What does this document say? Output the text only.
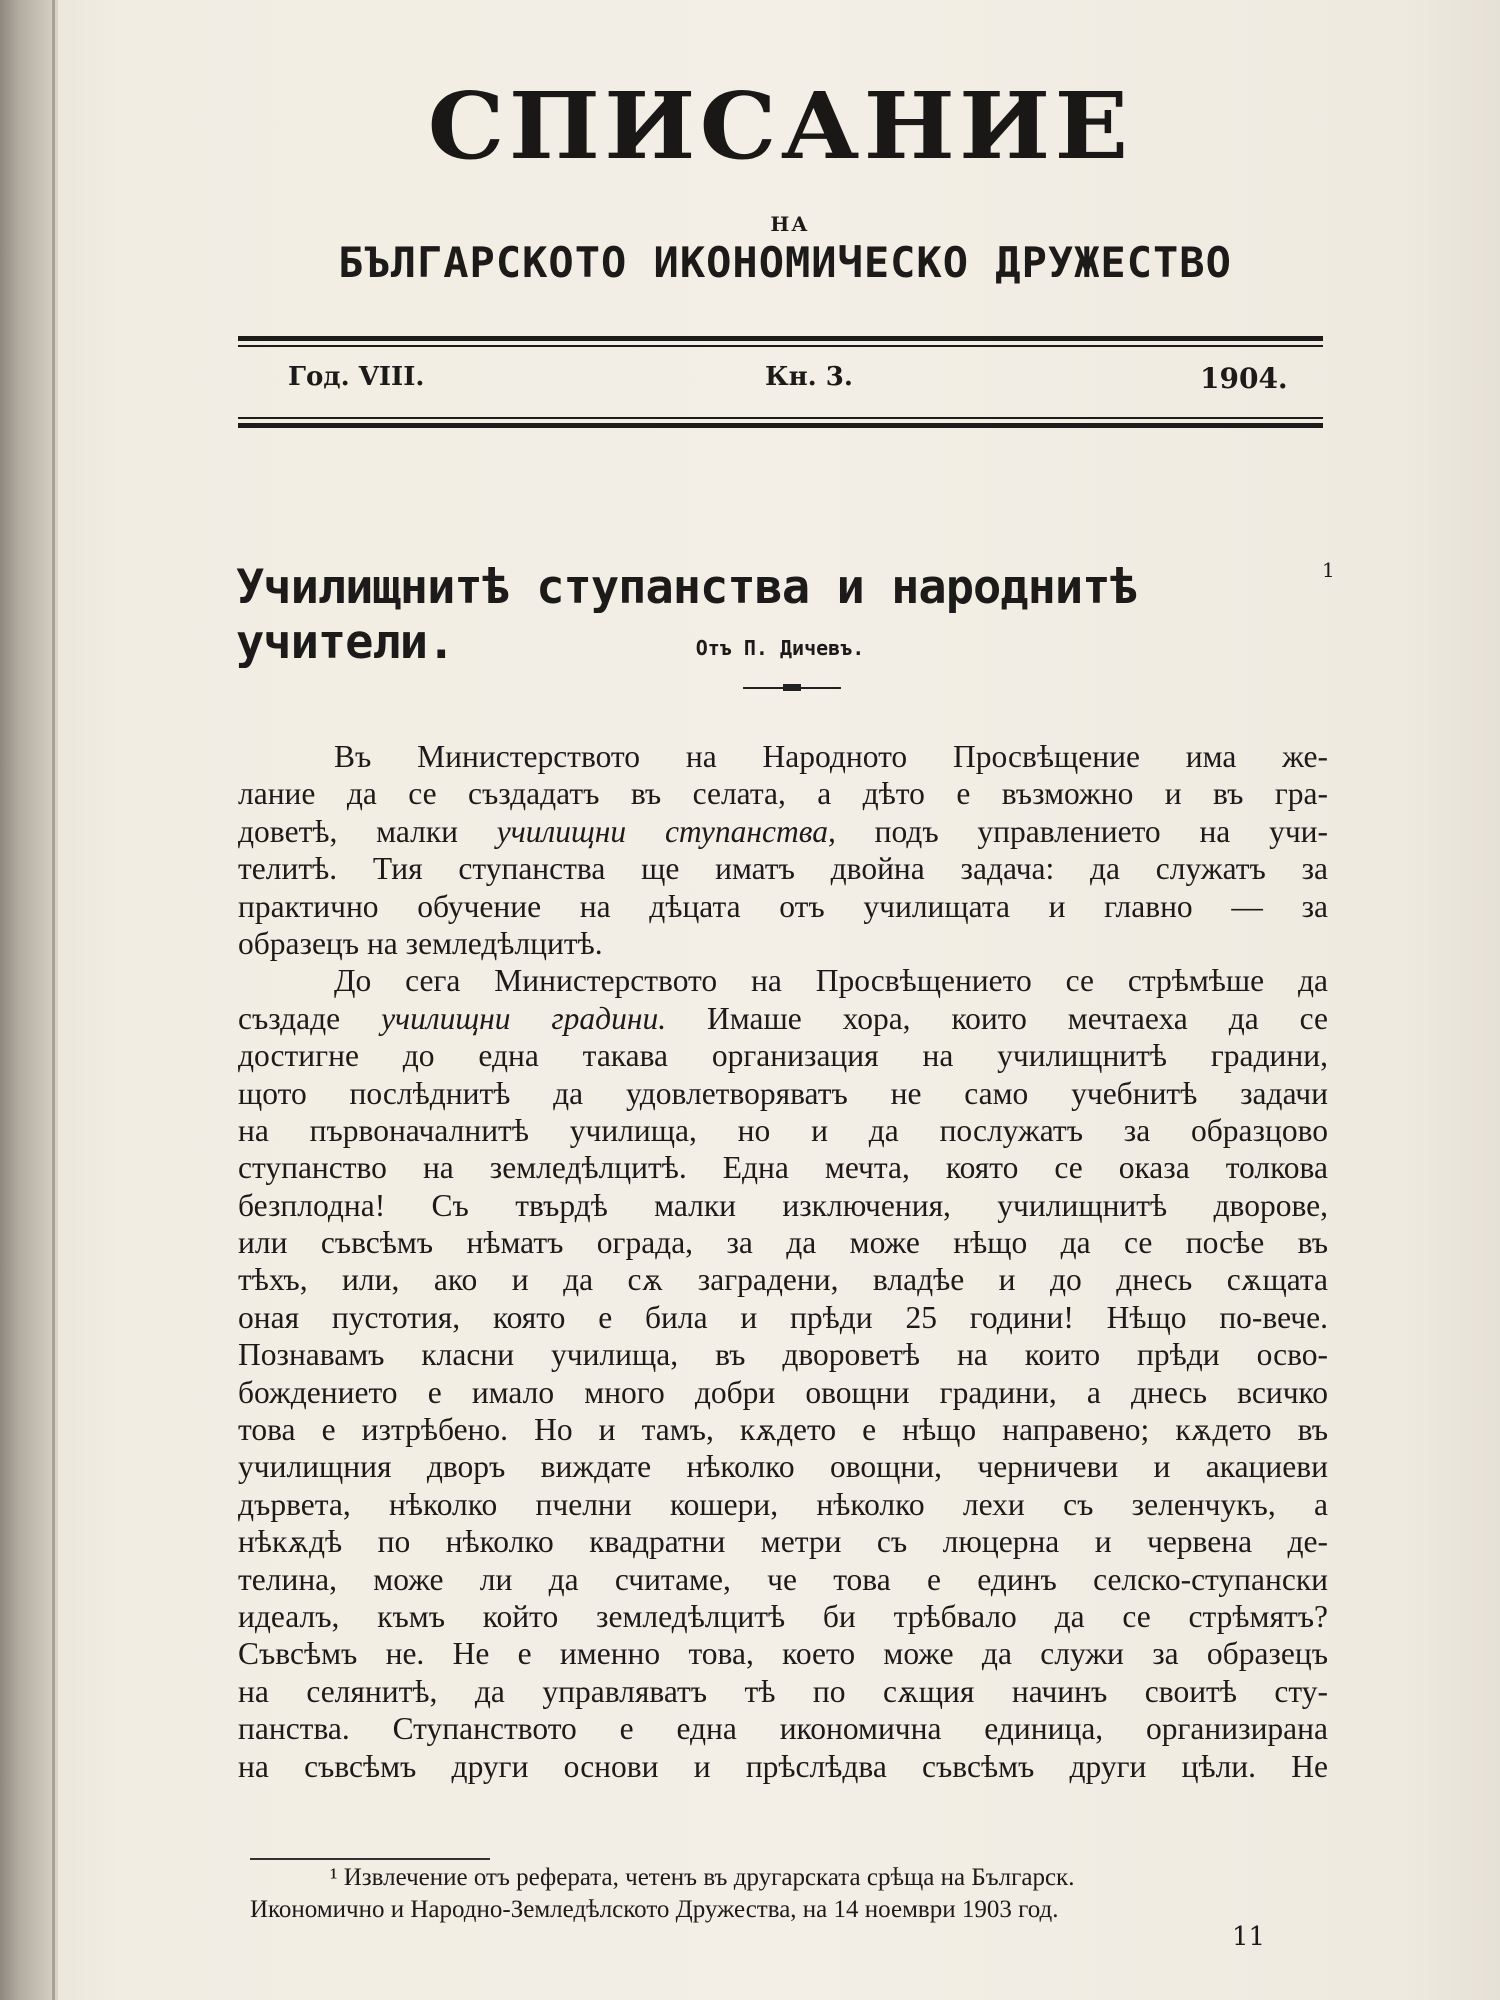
СПИСАНИЕ
НА
БЪЛГАРСКОТО ИКОНОМИЧЕСКО ДРУЖЕСТВО
Год. VIII.	Кн. 3.	1904.
Училищнитѣ ступанства и народнитѣ учители.
1
Отъ П. Дичевъ.
Въ Министерството на Народното Просвѣщение има же-
лание да се създадатъ въ селата, а дѣто е възможно и въ гра-
довeтѣ, малки училищни ступанства, подъ управлението на учи-
телитѣ. Тия ступанства ще иматъ двойна задача: да служатъ за
практично обучение на дѣцата отъ училищата и главно — за
образецъ на земледѣлцитѣ.
До сега Министерството на Просвѣщението се стрѣмѣше да
създаде училищни градини. Имаше хора, които мечтаеха да се
достигне до една такава организация на училищнитѣ градини,
щото послѣднитѣ да удовлетворяватъ не само учебнитѣ задачи
на първоначалнитѣ училища, но и да послужатъ за образцово
ступанство на земледѣлцитѣ. Една мечта, която се оказа толкова
безплодна! Съ твърдѣ малки изключения, училищнитѣ дворове,
или съвсѣмъ нѣматъ ограда, за да може нѣщо да се посѣе въ
тѣхъ, или, ако и да сѫ заградени, владѣе и до днесь сѫщата
оная пустотия, която е била и прѣди 25 години! Нѣщо по-вече.
Познавамъ класни училища, въ дворовeтѣ на които прѣди осво-
бождението е имало много добри овощни градини, а днесь всичко
това е изтрѣбено. Но и тамъ, кѫдето е нѣщо направено; кѫдето въ
училищния дворъ виждате нѣколко овощни, черничеви и акациеви
дървета, нѣколко пчелни кошери, нѣколко лехи съ зеленчукъ, а
нѣкѫдѣ по нѣколко квадратни метри съ люцерна и червена де-
телина, може ли да считаме, че това е единъ селско-ступански
идеалъ, къмъ който земледѣлцитѣ би трѣбвало да се стрѣмятъ?
Съвсѣмъ не. Не е именно това, което може да служи за образецъ
на селянитѣ, да управляватъ тѣ по сѫщия начинъ своитѣ сту-
панства. Ступанството е една икономична единица, организирана
на съвсѣмъ други основи и прѣслѣдва съвсѣмъ други цѣли. Не
¹ Извлечение отъ реферата, четенъ въ другарската срѣща на Българск.
Икономично и Народно-Земледѣлското Дружества, на 14 ноември 1903 год.
11
